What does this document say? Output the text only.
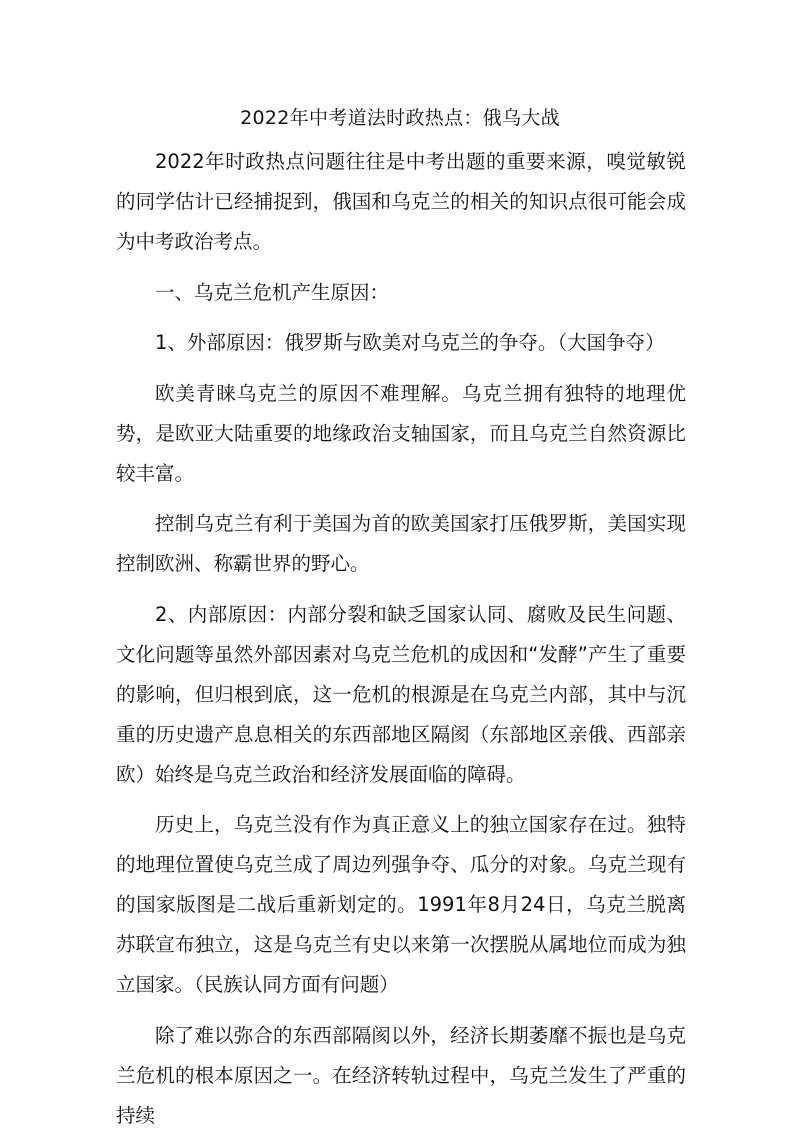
2022年中考道法时政热点：俄乌大战

2022年时政热点问题往往是中考出题的重要来源，嗅觉敏锐的同学估计已经捕捉到，俄国和乌克兰的相关的知识点很可能会成为中考政治考点。

一、乌克兰危机产生原因：

1、外部原因：俄罗斯与欧美对乌克兰的争夺。（大国争夺）

欧美青睐乌克兰的原因不难理解。乌克兰拥有独特的地理优势，是欧亚大陆重要的地缘政治支轴国家，而且乌克兰自然资源比较丰富。

控制乌克兰有利于美国为首的欧美国家打压俄罗斯，美国实现控制欧洲、称霸世界的野心。

2、内部原因：内部分裂和缺乏国家认同、腐败及民生问题、文化问题等虽然外部因素对乌克兰危机的成因和“发酵”产生了重要的影响，但归根到底，这一危机的根源是在乌克兰内部，其中与沉重的历史遗产息息相关的东西部地区隔阂（东部地区亲俄、西部亲欧）始终是乌克兰政治和经济发展面临的障碍。

历史上，乌克兰没有作为真正意义上的独立国家存在过。独特的地理位置使乌克兰成了周边列强争夺、瓜分的对象。乌克兰现有的国家版图是二战后重新划定的。1991年8月24日，乌克兰脱离苏联宣布独立，这是乌克兰有史以来第一次摆脱从属地位而成为独立国家。（民族认同方面有问题）

除了难以弥合的东西部隔阂以外，经济长期萎靡不振也是乌克兰危机的根本原因之一。在经济转轨过程中，乌克兰发生了严重的持续
